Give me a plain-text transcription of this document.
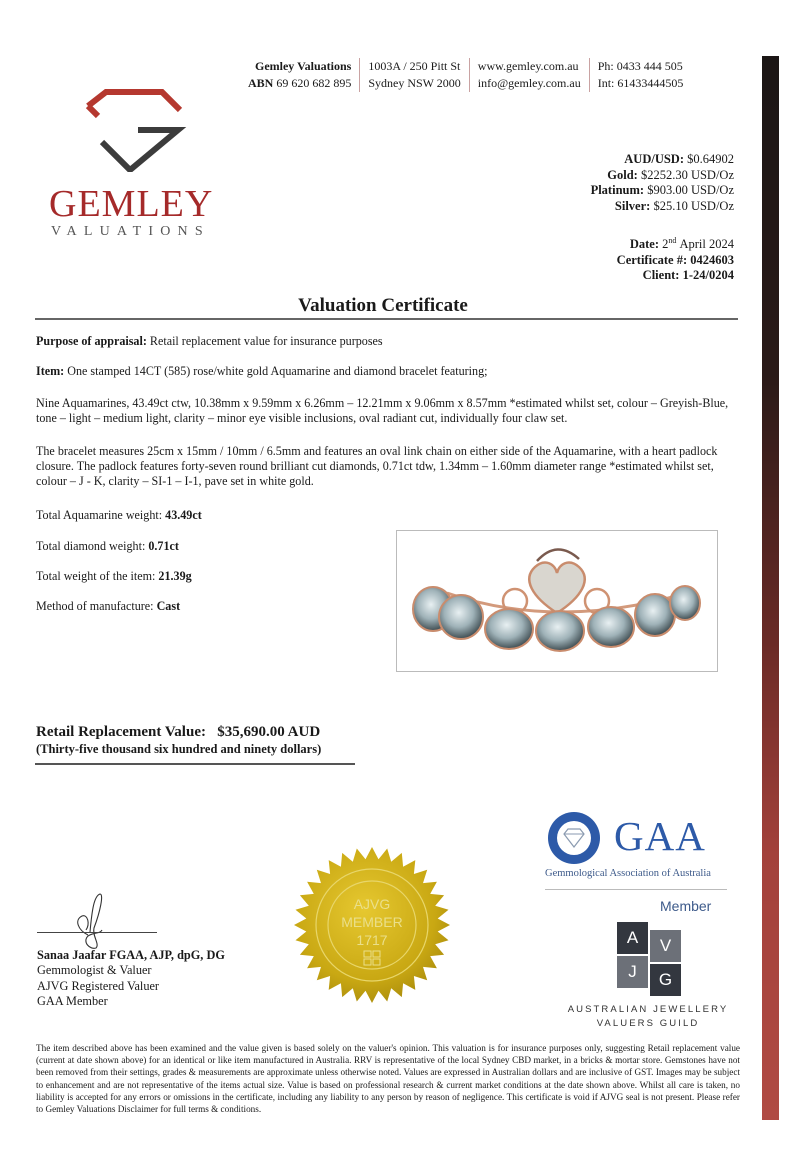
Gemley Valuations
ABN 69 620 682 895
1003A / 250 Pitt St
Sydney NSW 2000
www.gemley.com.au
info@gemley.com.au
Ph: 0433 444 505
Int: 61433444505
GEMLEY
VALUATIONS
AUD/USD: $0.64902
Gold: $2252.30 USD/Oz
Platinum: $903.00 USD/Oz
Silver: $25.10 USD/Oz
Date: 2nd April 2024
Certificate #: 0424603
Client: 1-24/0204
Valuation Certificate
Purpose of appraisal: Retail replacement value for insurance purposes
Item: One stamped 14CT (585) rose/white gold Aquamarine and diamond bracelet featuring;
Nine Aquamarines, 43.49ct ctw, 10.38mm x 9.59mm x 6.26mm – 12.21mm x 9.06mm x 8.57mm *estimated whilst set, colour – Greyish-Blue, tone – light – medium light, clarity – minor eye visible inclusions, oval radiant cut, individually four claw set.
The bracelet measures 25cm x 15mm / 10mm / 6.5mm and features an oval link chain on either side of the Aquamarine, with a heart padlock closure. The padlock features forty-seven round brilliant cut diamonds, 0.71ct tdw, 1.34mm – 1.60mm diameter range *estimated whilst set, colour – J - K, clarity – SI-1 – I-1, pave set in white gold.
Total Aquamarine weight: 43.49ct
Total diamond weight: 0.71ct
Total weight of the item: 21.39g
Method of manufacture: Cast
Retail Replacement Value: $35,690.00 AUD
(Thirty-five thousand six hundred and ninety dollars)
AJVG
MEMBER
1717
Sanaa Jaafar FGAA, AJP, dpG, DG
Gemmologist & Valuer
AJVG Registered Valuer
GAA Member
GAA
Gemmological Association of Australia
Member
A	V
J	G
AUSTRALIAN JEWELLERY
VALUERS GUILD
The item described above has been examined and the value given is based solely on the valuer's opinion. This valuation is for insurance purposes only, suggesting Retail replacement value (current at date shown above) for an identical or like item manufactured in Australia. RRV is representative of the local Sydney CBD market, in a bricks & mortar store. Gemstones have not been removed from their settings, grades & measurements are approximate unless otherwise noted. Values are expressed in Australian dollars and are inclusive of GST. Images may be subject to enhancement and are not representative of the items actual size. Value is based on professional research & current market conditions at the date shown above. Whilst all care is taken, no liability is accepted for any errors or omissions in the certificate, including any liability to any person by reason of negligence. This certificate is void if AJVG seal is not present. Please refer to Gemley Valuations Disclaimer for full terms & conditions.
